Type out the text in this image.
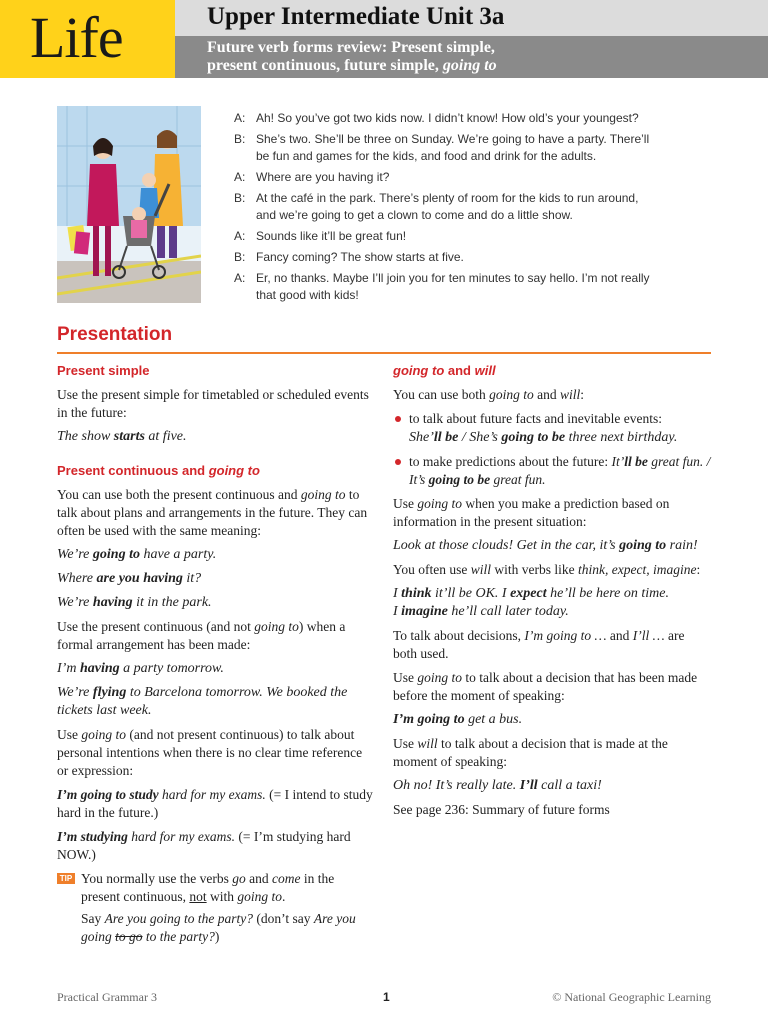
Life	Upper Intermediate Unit 3a
Future verb forms review: Present simple,
present continuous, future simple, going to
A: Ah! So you’ve got two kids now. I didn’t know! How old’s your youngest?
B: She’s two. She’ll be three on Sunday. We’re going to have a party. There’ll be fun and games for the kids, and food and drink for the adults.
A: Where are you having it?
B: At the café in the park. There’s plenty of room for the kids to run around, and we’re going to get a clown to come and do a little show.
A: Sounds like it’ll be great fun!
B: Fancy coming? The show starts at five.
A: Er, no thanks. Maybe I’ll join you for ten minutes to say hello. I’m not really that good with kids!
Presentation
Present simple
Use the present simple for timetabled or scheduled events in the future:
The show starts at five.
Present continuous and going to
You can use both the present continuous and going to to talk about plans and arrangements in the future. They can often be used with the same meaning:
We’re going to have a party.
Where are you having it?
We’re having it in the park.
Use the present continuous (and not going to) when a formal arrangement has been made:
I’m having a party tomorrow.
We’re flying to Barcelona tomorrow. We booked the tickets last week.
Use going to (and not present continuous) to talk about personal intentions when there is no clear time reference or expression:
I’m going to study hard for my exams. (= I intend to study hard in the future.)
I’m studying hard for my exams. (= I’m studying hard NOW.)
TIP You normally use the verbs go and come in the present continuous, not with going to.
Say Are you going to the party? (don’t say Are you going to go to the party?)
going to and will
You can use both going to and will:
to talk about future facts and inevitable events:
She’ll be / She’s going to be three next birthday.
to make predictions about the future: It’ll be great fun. / It’s going to be great fun.
Use going to when you make a prediction based on information in the present situation:
Look at those clouds! Get in the car, it’s going to rain!
You often use will with verbs like think, expect, imagine:
I think it’ll be OK. I expect he’ll be here on time.
I imagine he’ll call later today.
To talk about decisions, I’m going to … and I’ll … are both used.
Use going to to talk about a decision that has been made before the moment of speaking:
I’m going to get a bus.
Use will to talk about a decision that is made at the moment of speaking:
Oh no! It’s really late. I’ll call a taxi!
See page 236: Summary of future forms
Practical Grammar 3	1	© National Geographic Learning
